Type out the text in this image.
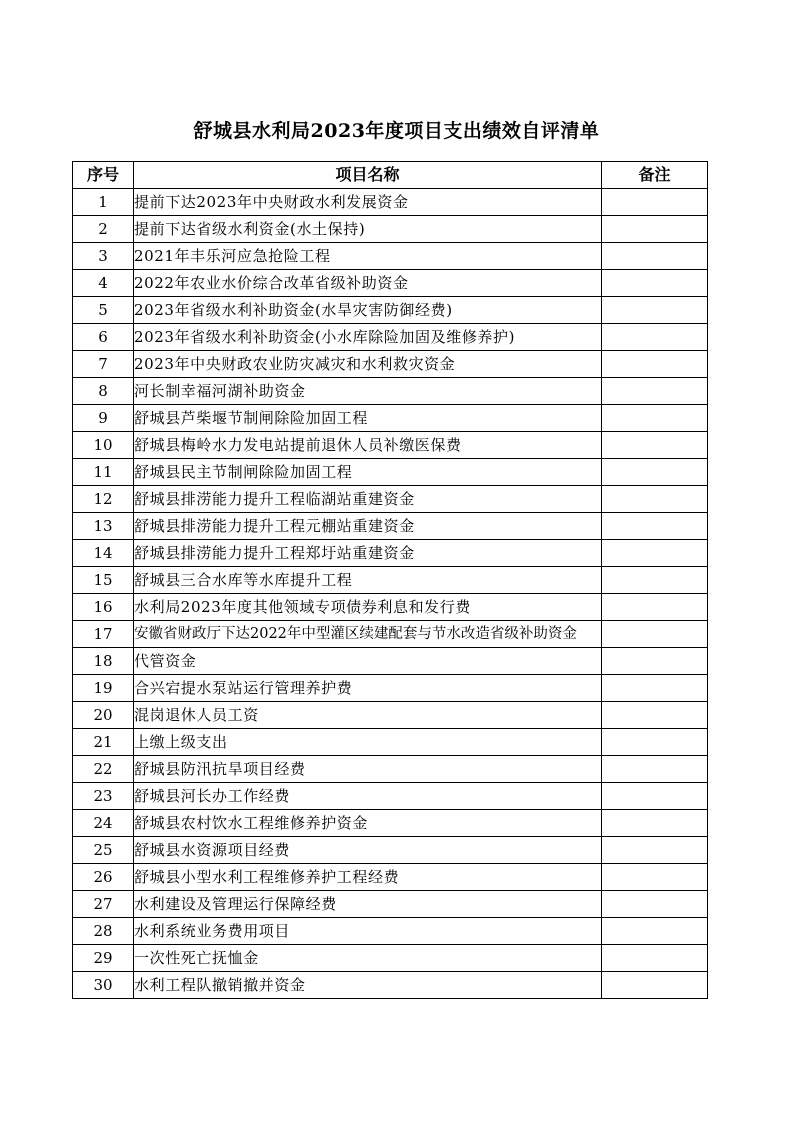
舒城县水利局2023年度项目支出绩效自评清单
序号	项目名称	备注
1	提前下达2023年中央财政水利发展资金	
2	提前下达省级水利资金(水土保持)	
3	2021年丰乐河应急抢险工程	
4	2022年农业水价综合改革省级补助资金	
5	2023年省级水利补助资金(水旱灾害防御经费)	
6	2023年省级水利补助资金(小水库除险加固及维修养护)	
7	2023年中央财政农业防灾减灾和水利救灾资金	
8	河长制幸福河湖补助资金	
9	舒城县芦柴堰节制闸除险加固工程	
10	舒城县梅岭水力发电站提前退休人员补缴医保费	
11	舒城县民主节制闸除险加固工程	
12	舒城县排涝能力提升工程临湖站重建资金	
13	舒城县排涝能力提升工程元棚站重建资金	
14	舒城县排涝能力提升工程郑圩站重建资金	
15	舒城县三合水库等水库提升工程	
16	水利局2023年度其他领域专项债券利息和发行费	
17	安徽省财政厅下达2022年中型灌区续建配套与节水改造省级补助资金	
18	代管资金	
19	合兴宕提水泵站运行管理养护费	
20	混岗退休人员工资	
21	上缴上级支出	
22	舒城县防汛抗旱项目经费	
23	舒城县河长办工作经费	
24	舒城县农村饮水工程维修养护资金	
25	舒城县水资源项目经费	
26	舒城县小型水利工程维修养护工程经费	
27	水利建设及管理运行保障经费	
28	水利系统业务费用项目	
29	一次性死亡抚恤金	
30	水利工程队撤销撤并资金	
